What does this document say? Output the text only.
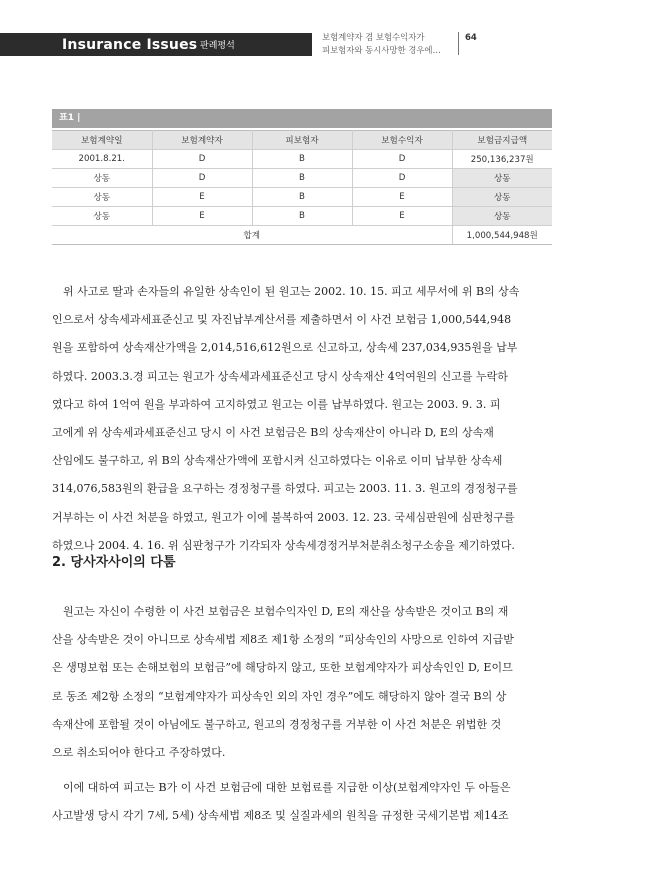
Insurance Issues 판례평석
보험계약자 겸 보험수익자가
피보험자와 동시사망한 경우에…
64
표1 |
보험계약일	보험계약자	피보험자	보험수익자	보험금지급액
2001.8.21.	D	B	D	250,136,237원
상동	D	B	D	상동
상동	E	B	E	상동
상동	E	B	E	상동
합계				1,000,544,948원
위 사고로 딸과 손자들의 유일한 상속인이 된 원고는 2002. 10. 15. 피고 세무서에 위 B의 상속
인으로서 상속세과세표준신고 및 자진납부계산서를 제출하면서 이 사건 보험금 1,000,544,948
원을 포함하여 상속재산가액을 2,014,516,612원으로 신고하고, 상속세 237,034,935원을 납부
하였다. 2003.3.경 피고는 원고가 상속세과세표준신고 당시 상속재산 4억여원의 신고를 누락하
였다고 하여 1억여 원을 부과하여 고지하였고 원고는 이를 납부하였다. 원고는 2003. 9. 3. 피
고에게 위 상속세과세표준신고 당시 이 사건 보험금은 B의 상속재산이 아니라 D, E의 상속재
산임에도 불구하고, 위 B의 상속재산가액에 포함시켜 신고하였다는 이유로 이미 납부한 상속세
314,076,583원의 환급을 요구하는 경정청구를 하였다. 피고는 2003. 11. 3. 원고의 경정청구를
거부하는 이 사건 처분을 하였고, 원고가 이에 불복하여 2003. 12. 23. 국세심판원에 심판청구를
하였으나 2004. 4. 16. 위 심판청구가 기각되자 상속세경정거부처분취소청구소송을 제기하였다.
2. 당사자사이의 다툼
원고는 자신이 수령한 이 사건 보험금은 보험수익자인 D, E의 재산을 상속받은 것이고 B의 재
산을 상속받은 것이 아니므로 상속세법 제8조 제1항 소정의 “피상속인의 사망으로 인하여 지급받
은 생명보험 또는 손해보험의 보험금”에 해당하지 않고, 또한 보험계약자가 피상속인인 D, E이므
로 동조 제2항 소정의 “보험계약자가 피상속인 외의 자인 경우”에도 해당하지 않아 결국 B의 상
속재산에 포함될 것이 아님에도 불구하고, 원고의 경정청구를 거부한 이 사건 처분은 위법한 것
으로 취소되어야 한다고 주장하였다.
이에 대하여 피고는 B가 이 사건 보험금에 대한 보험료를 지급한 이상(보험계약자인 두 아들은
사고발생 당시 각기 7세, 5세) 상속세법 제8조 및 실질과세의 원칙을 규정한 국세기본법 제14조
